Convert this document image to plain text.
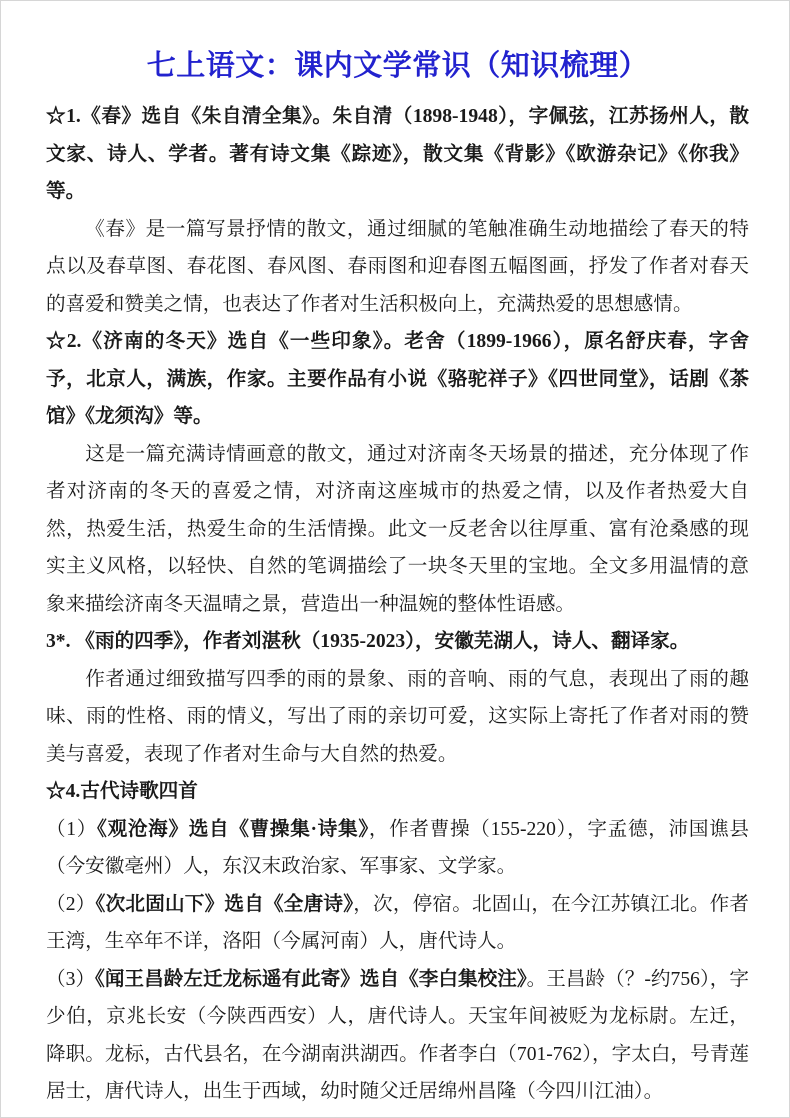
七上语文：课内文学常识（知识梳理）

☆1.《春》选自《朱自清全集》。朱自清（1898-1948），字佩弦，江苏扬州人，散文家、诗人、学者。著有诗文集《踪迹》，散文集《背影》《欧游杂记》《你我》等。

《春》是一篇写景抒情的散文，通过细腻的笔触准确生动地描绘了春天的特点以及春草图、春花图、春风图、春雨图和迎春图五幅图画，抒发了作者对春天的喜爱和赞美之情，也表达了作者对生活积极向上，充满热爱的思想感情。

☆2.《济南的冬天》选自《一些印象》。老舍（1899-1966），原名舒庆春，字舍予，北京人，满族，作家。主要作品有小说《骆驼祥子》《四世同堂》，话剧《茶馆》《龙须沟》等。

这是一篇充满诗情画意的散文，通过对济南冬天场景的描述，充分体现了作者对济南的冬天的喜爱之情，对济南这座城市的热爱之情，以及作者热爱大自然，热爱生活，热爱生命的生活情操。此文一反老舍以往厚重、富有沧桑感的现实主义风格，以轻快、自然的笔调描绘了一块冬天里的宝地。全文多用温情的意象来描绘济南冬天温晴之景，营造出一种温婉的整体性语感。

3*. 《雨的四季》，作者刘湛秋（1935-2023），安徽芜湖人，诗人、翻译家。

作者通过细致描写四季的雨的景象、雨的音响、雨的气息，表现出了雨的趣味、雨的性格、雨的情义，写出了雨的亲切可爱，这实际上寄托了作者对雨的赞美与喜爱，表现了作者对生命与大自然的热爱。

☆4.古代诗歌四首

（1）《观沧海》选自《曹操集·诗集》，作者曹操（155-220），字孟德，沛国谯县（今安徽亳州）人，东汉末政治家、军事家、文学家。

（2）《次北固山下》选自《全唐诗》，次，停宿。北固山，在今江苏镇江北。作者王湾，生卒年不详，洛阳（今属河南）人，唐代诗人。

（3）《闻王昌龄左迁龙标遥有此寄》选自《李白集校注》。王昌龄（？-约756），字少伯，京兆长安（今陕西西安）人，唐代诗人。天宝年间被贬为龙标尉。左迁，降职。龙标，古代县名，在今湖南洪湖西。作者李白（701-762），字太白，号青莲居士，唐代诗人，出生于西域，幼时随父迁居绵州昌隆（今四川江油）。
